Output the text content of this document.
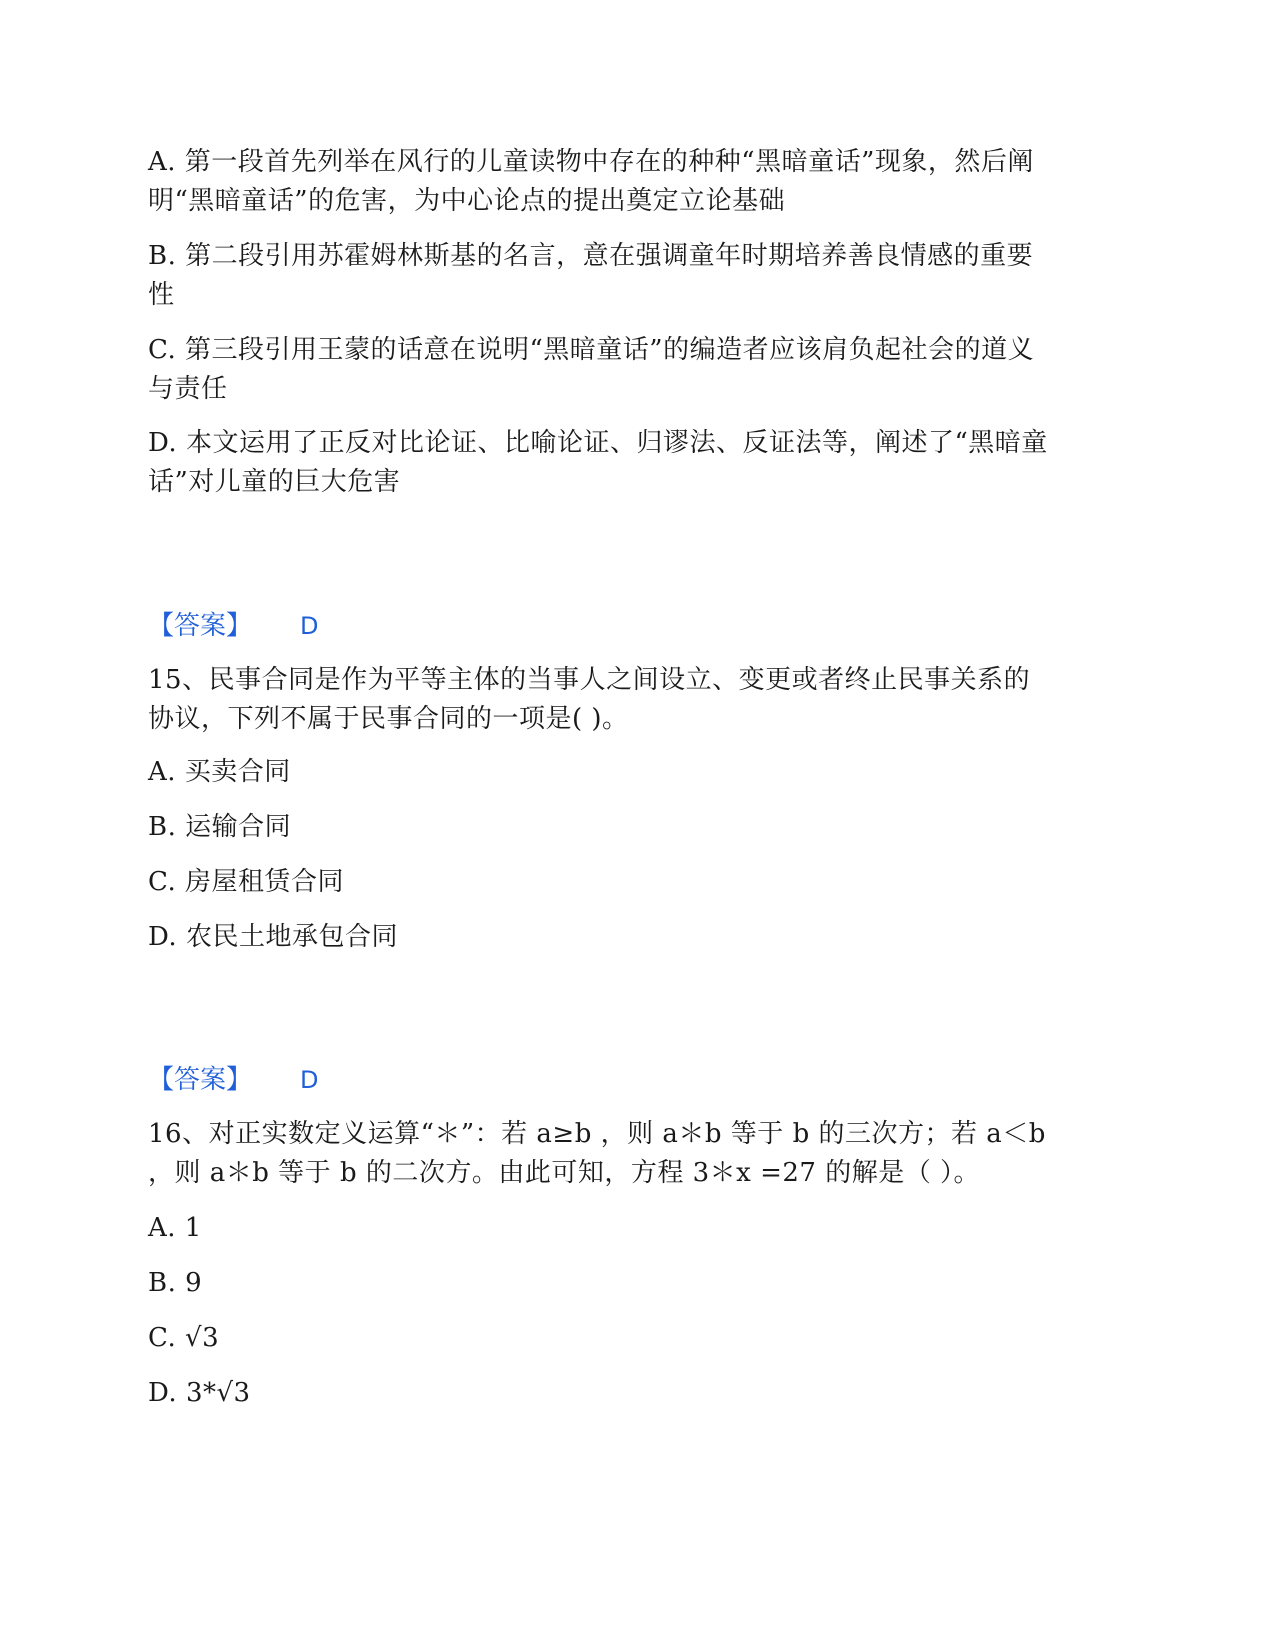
A. 第一段首先列举在风行的儿童读物中存在的种种“黑暗童话”现象，然后阐
明“黑暗童话”的危害，为中心论点的提出奠定立论基础
B. 第二段引用苏霍姆林斯基的名言，意在强调童年时期培养善良情感的重要
性
C. 第三段引用王蒙的话意在说明“黑暗童话”的编造者应该肩负起社会的道义
与责任
D. 本文运用了正反对比论证、比喻论证、归谬法、反证法等，阐述了“黑暗童
话”对儿童的巨大危害
【答案】 D
15、民事合同是作为平等主体的当事人之间设立、变更或者终止民事关系的
协议，下列不属于民事合同的一项是( )。
A. 买卖合同
B. 运输合同
C. 房屋租赁合同
D. 农民土地承包合同
【答案】 D
16、对正实数定义运算“＊”：若 a≥b ，则 a＊b 等于 b 的三次方；若 a＜b
，则 a＊b 等于 b 的二次方。由此可知，方程 3＊x =27 的解是（ ）。
A. 1
B. 9
C. √3
D. 3*√3
